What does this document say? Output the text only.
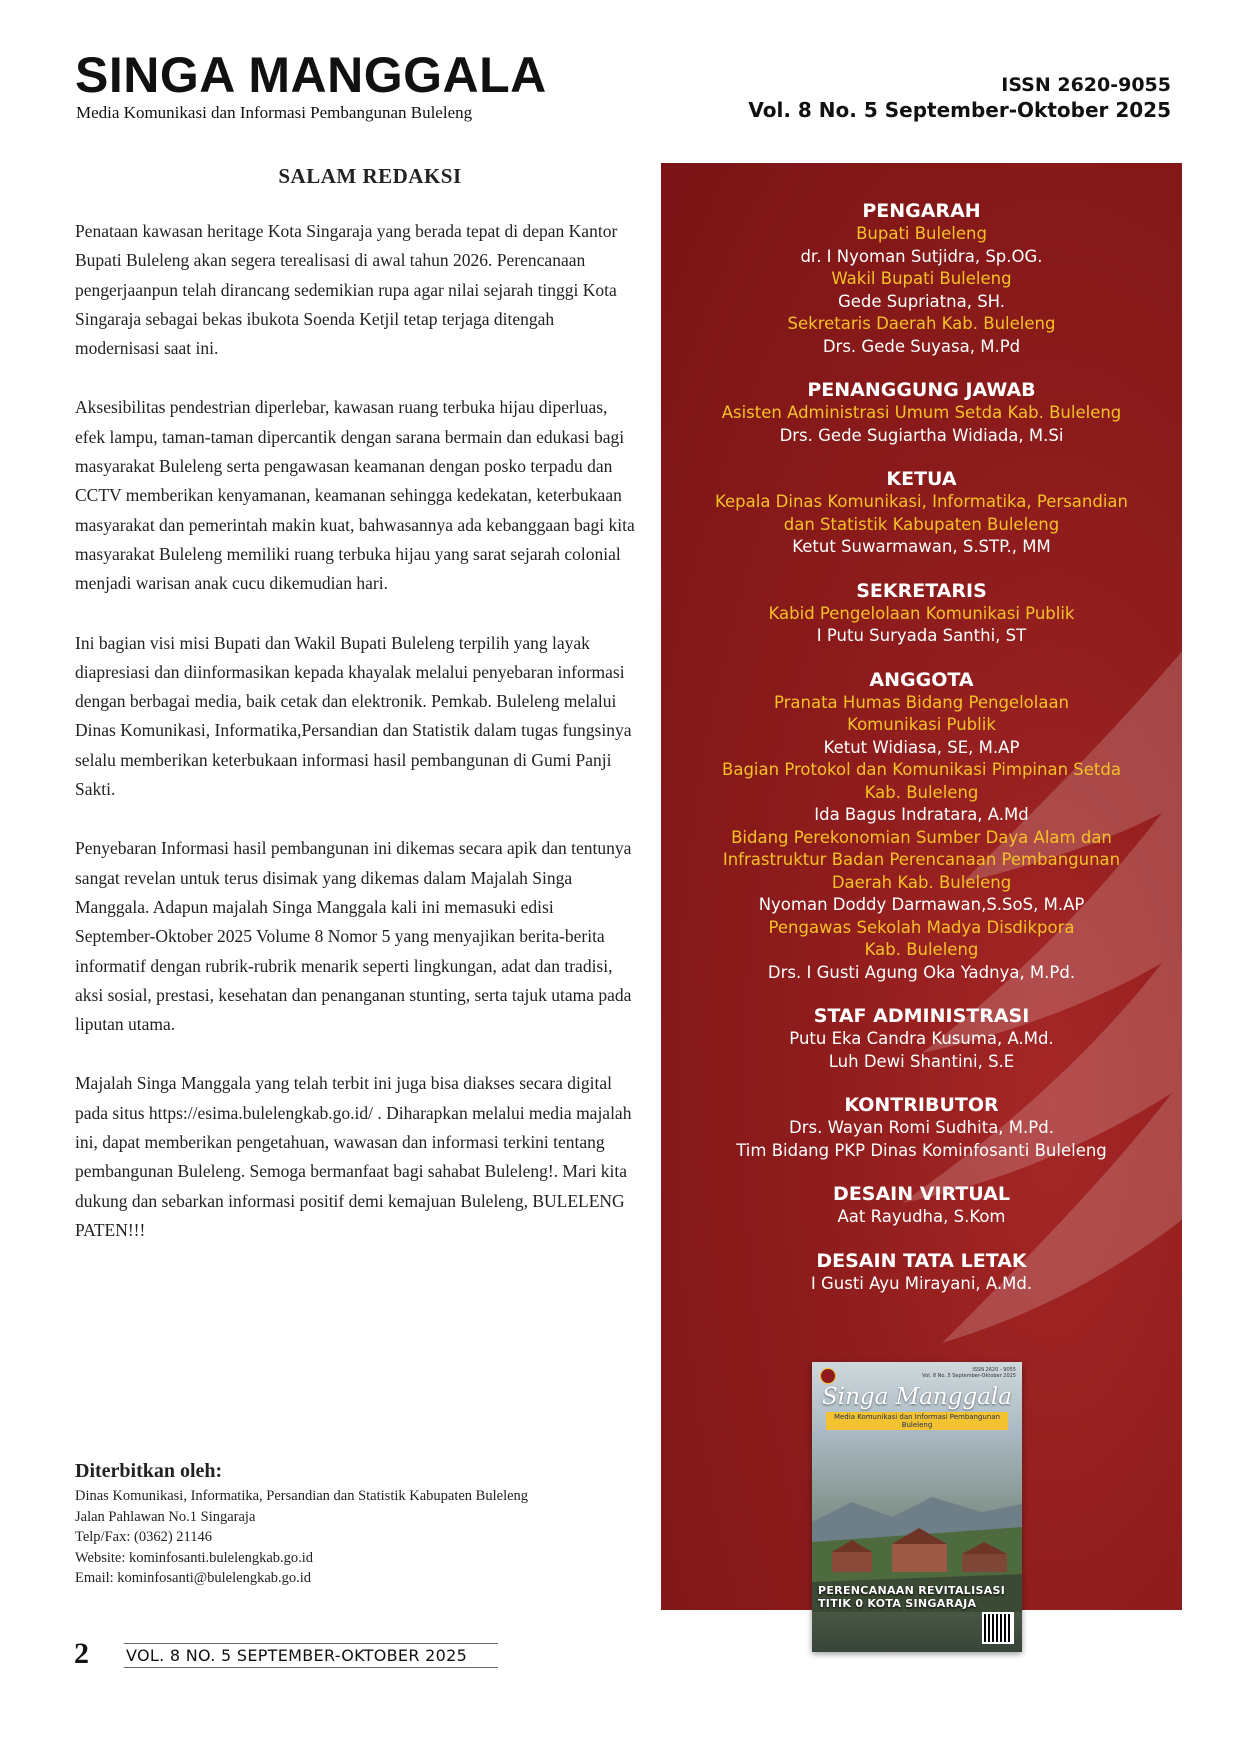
SINGA MANGGALA
Media Komunikasi dan Informasi Pembangunan Buleleng
ISSN 2620-9055
Vol. 8 No. 5 September-Oktober 2025
SALAM REDAKSI

Penataan kawasan heritage Kota Singaraja yang berada tepat di depan Kantor Bupati Buleleng akan segera terealisasi di awal tahun 2026. Perencanaan pengerjaanpun telah dirancang sedemikian rupa agar nilai sejarah tinggi Kota Singaraja sebagai bekas ibukota Soenda Ketjil tetap terjaga ditengah modernisasi saat ini.

Aksesibilitas pendestrian diperlebar, kawasan ruang terbuka hijau diperluas, efek lampu, taman-taman dipercantik dengan sarana bermain dan edukasi bagi masyarakat Buleleng serta pengawasan keamanan dengan posko terpadu dan CCTV memberikan kenyamanan, keamanan sehingga kedekatan, keterbukaan masyarakat dan pemerintah makin kuat, bahwasannya ada kebanggaan bagi kita masyarakat Buleleng memiliki ruang terbuka hijau yang sarat sejarah colonial menjadi warisan anak cucu dikemudian hari.

Ini bagian visi misi Bupati dan Wakil Bupati Buleleng terpilih yang layak diapresiasi dan diinformasikan kepada khayalak melalui penyebaran informasi dengan berbagai media, baik cetak dan elektronik. Pemkab. Buleleng melalui Dinas Komunikasi, Informatika,Persandian dan Statistik dalam tugas fungsinya selalu memberikan keterbukaan informasi hasil pembangunan di Gumi Panji Sakti.

Penyebaran Informasi hasil pembangunan ini dikemas secara apik dan tentunya sangat revelan untuk terus disimak yang dikemas dalam Majalah Singa Manggala. Adapun majalah Singa Manggala kali ini memasuki edisi September-Oktober 2025 Volume 8 Nomor 5 yang menyajikan berita-berita informatif dengan rubrik-rubrik menarik seperti lingkungan, adat dan tradisi, aksi sosial, prestasi, kesehatan dan penanganan stunting, serta tajuk utama pada liputan utama.

Majalah Singa Manggala yang telah terbit ini juga bisa diakses secara digital pada situs https://esima.bulelengkab.go.id/ . Diharapkan melalui media majalah ini, dapat memberikan pengetahuan, wawasan dan informasi terkini tentang pembangunan Buleleng. Semoga bermanfaat bagi sahabat Buleleng!. Mari kita dukung dan sebarkan informasi positif demi kemajuan Buleleng, BULELENG PATEN!!!

Diterbitkan oleh:
Dinas Komunikasi, Informatika, Persandian dan Statistik Kabupaten Buleleng
Jalan Pahlawan No.1 Singaraja
Telp/Fax: (0362) 21146
Website: kominfosanti.bulelengkab.go.id
Email: kominfosanti@bulelengkab.go.id
PENGARAH
Bupati Buleleng
dr. I Nyoman Sutjidra, Sp.OG.
Wakil Bupati Buleleng
Gede Supriatna, SH.
Sekretaris Daerah Kab. Buleleng
Drs. Gede Suyasa, M.Pd
PENANGGUNG JAWAB
Asisten Administrasi Umum Setda Kab. Buleleng
Drs. Gede Sugiartha Widiada, M.Si
KETUA
Kepala Dinas Komunikasi, Informatika, Persandian
dan Statistik Kabupaten Buleleng
Ketut Suwarmawan, S.STP., MM
SEKRETARIS
Kabid Pengelolaan Komunikasi Publik
I Putu Suryada Santhi, ST
ANGGOTA
Pranata Humas Bidang Pengelolaan
Komunikasi Publik
Ketut Widiasa, SE, M.AP
Bagian Protokol dan Komunikasi Pimpinan Setda
Kab. Buleleng
Ida Bagus Indratara, A.Md
Bidang Perekonomian Sumber Daya Alam dan
Infrastruktur Badan Perencanaan Pembangunan
Daerah Kab. Buleleng
Nyoman Doddy Darmawan,S.SoS, M.AP
Pengawas Sekolah Madya Disdikpora
Kab. Buleleng
Drs. I Gusti Agung Oka Yadnya, M.Pd.
STAF ADMINISTRASI
Putu Eka Candra Kusuma, A.Md.
Luh Dewi Shantini, S.E
KONTRIBUTOR
Drs. Wayan Romi Sudhita, M.Pd.
Tim Bidang PKP Dinas Kominfosanti Buleleng
DESAIN VIRTUAL
Aat Rayudha, S.Kom
DESAIN TATA LETAK
I Gusti Ayu Mirayani, A.Md.
ISSN 2620 - 9055
Vol. 8 No. 5 September-Oktober 2025
Singa Manggala
Media Komunikasi dan Informasi Pembangunan Buleleng
PERENCANAAN REVITALISASI
TITIK 0 KOTA SINGARAJA
2 VOL. 8 NO. 5 SEPTEMBER-OKTOBER 2025
